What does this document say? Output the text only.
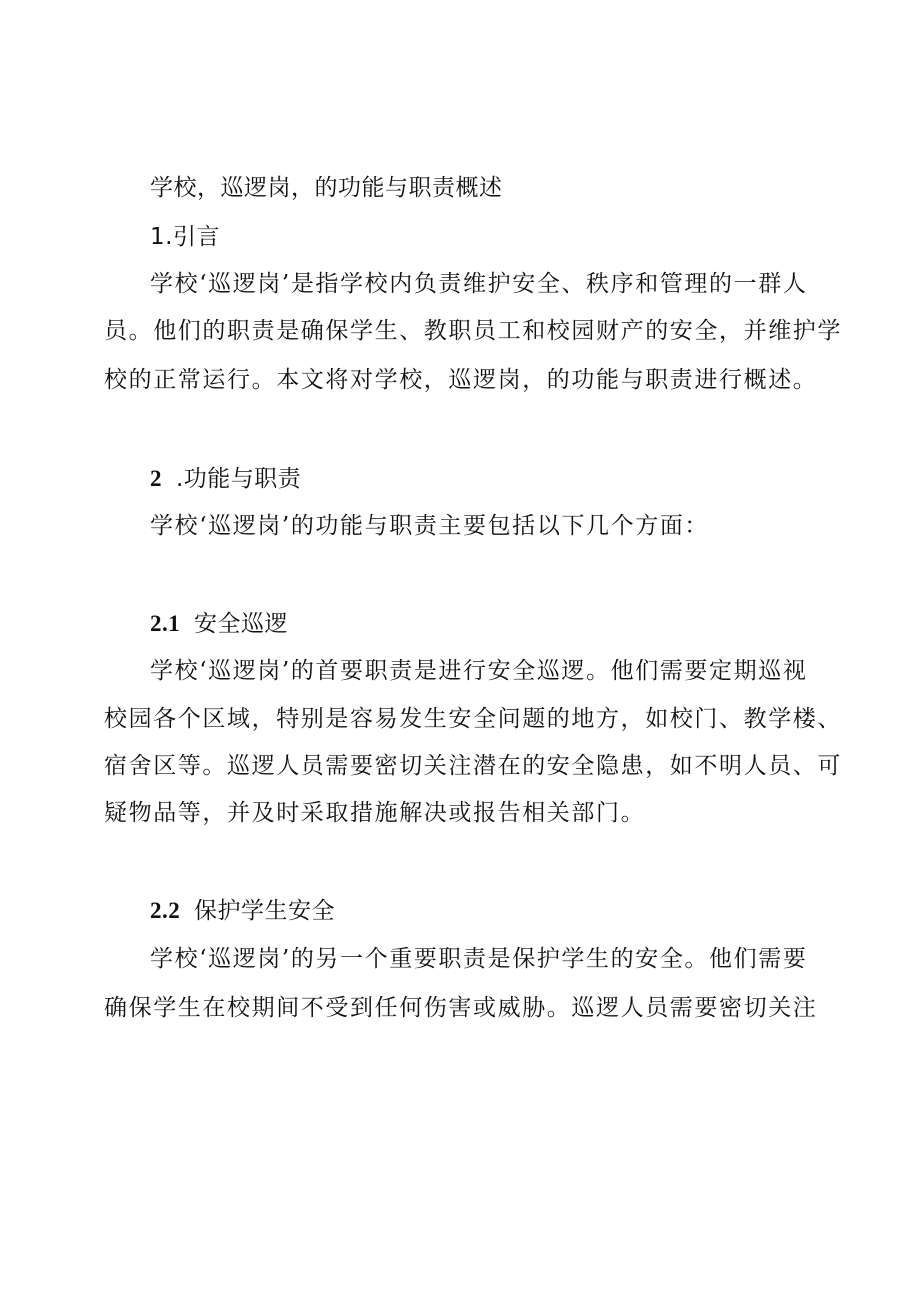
学校，巡逻岗，的功能与职责概述
1.引言
学校‘巡逻岗’是指学校内负责维护安全、秩序和管理的一群人
员。他们的职责是确保学生、教职员工和校园财产的安全，并维护学
校的正常运行。本文将对学校，巡逻岗，的功能与职责进行概述。
2 .功能与职责
学校‘巡逻岗’的功能与职责主要包括以下几个方面：
2.1 安全巡逻
学校‘巡逻岗’的首要职责是进行安全巡逻。他们需要定期巡视
校园各个区域，特别是容易发生安全问题的地方，如校门、教学楼、
宿舍区等。巡逻人员需要密切关注潜在的安全隐患，如不明人员、可
疑物品等，并及时采取措施解决或报告相关部门。
2.2 保护学生安全
学校‘巡逻岗’的另一个重要职责是保护学生的安全。他们需要
确保学生在校期间不受到任何伤害或威胁。巡逻人员需要密切关注
